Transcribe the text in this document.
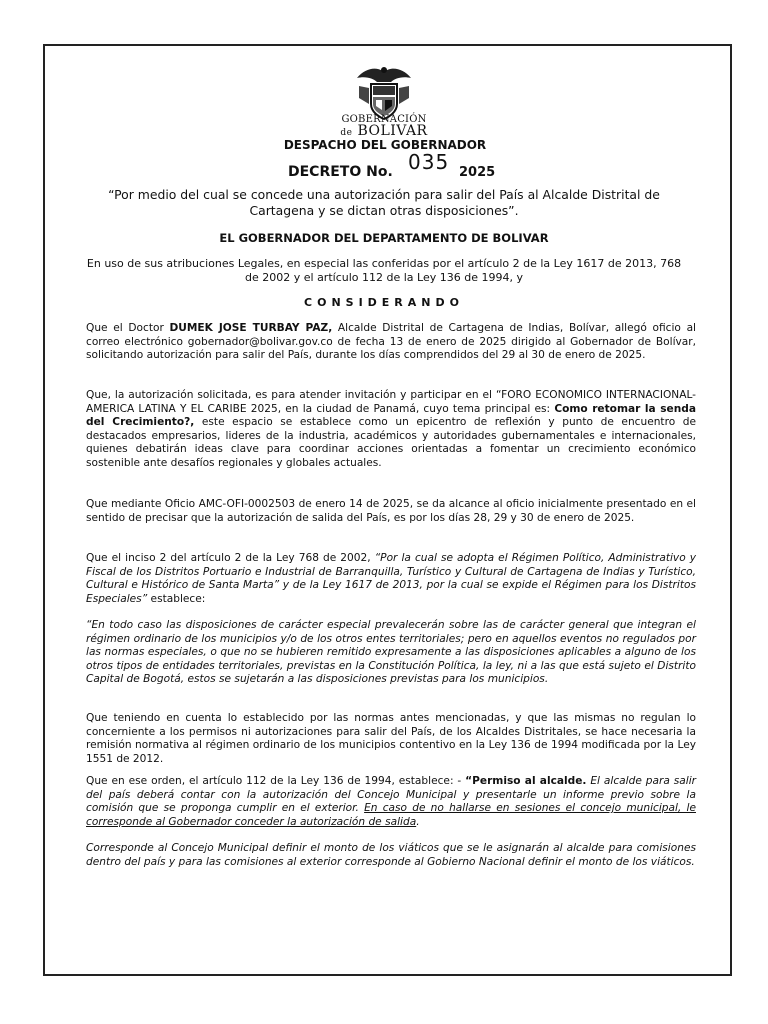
GOBERNACIÓN
de BOLIVAR
DESPACHO DEL GOBERNADOR
DECRETO No. 035 2025
“Por medio del cual se concede una autorización para salir del País al Alcalde Distrital de Cartagena y se dictan otras disposiciones”.
EL GOBERNADOR DEL DEPARTAMENTO DE BOLIVAR
En uso de sus atribuciones Legales, en especial las conferidas por el artículo 2 de la Ley 1617 de 2013, 768 de 2002 y el artículo 112 de la Ley 136 de 1994, y
CONSIDERANDO
Que el Doctor DUMEK JOSE TURBAY PAZ, Alcalde Distrital de Cartagena de Indias, Bolívar, allegó oficio al correo electrónico gobernador@bolivar.gov.co de fecha 13 de enero de 2025 dirigido al Gobernador de Bolívar, solicitando autorización para salir del País, durante los días comprendidos del 29 al 30 de enero de 2025.
Que, la autorización solicitada, es para atender invitación y participar en el “FORO ECONOMICO INTERNACIONAL-AMERICA LATINA Y EL CARIBE 2025, en la ciudad de Panamá, cuyo tema principal es: Como retomar la senda del Crecimiento?, este espacio se establece como un epicentro de reflexión y punto de encuentro de destacados empresarios, lideres de la industria, académicos y autoridades gubernamentales e internacionales, quienes debatirán ideas clave para coordinar acciones orientadas a fomentar un crecimiento económico sostenible ante desafíos regionales y globales actuales.
Que mediante Oficio AMC-OFI-0002503 de enero 14 de 2025, se da alcance al oficio inicialmente presentado en el sentido de precisar que la autorización de salida del País, es por los días 28, 29 y 30 de enero de 2025.
Que el inciso 2 del artículo 2 de la Ley 768 de 2002, “Por la cual se adopta el Régimen Político, Administrativo y Fiscal de los Distritos Portuario e Industrial de Barranquilla, Turístico y Cultural de Cartagena de Indias y Turístico, Cultural e Histórico de Santa Marta” y de la Ley 1617 de 2013, por la cual se expide el Régimen para los Distritos Especiales” establece:
“En todo caso las disposiciones de carácter especial prevalecerán sobre las de carácter general que integran el régimen ordinario de los municipios y/o de los otros entes territoriales; pero en aquellos eventos no regulados por las normas especiales, o que no se hubieren remitido expresamente a las disposiciones aplicables a alguno de los otros tipos de entidades territoriales, previstas en la Constitución Política, la ley, ni a las que está sujeto el Distrito Capital de Bogotá, estos se sujetarán a las disposiciones previstas para los municipios.
Que teniendo en cuenta lo establecido por las normas antes mencionadas, y que las mismas no regulan lo concerniente a los permisos ni autorizaciones para salir del País, de los Alcaldes Distritales, se hace necesaria la remisión normativa al régimen ordinario de los municipios contentivo en la Ley 136 de 1994 modificada por la Ley 1551 de 2012.
Que en ese orden, el artículo 112 de la Ley 136 de 1994, establece: - “Permiso al alcalde. El alcalde para salir del país deberá contar con la autorización del Concejo Municipal y presentarle un informe previo sobre la comisión que se proponga cumplir en el exterior. En caso de no hallarse en sesiones el concejo municipal, le corresponde al Gobernador conceder la autorización de salida.
Corresponde al Concejo Municipal definir el monto de los viáticos que se le asignarán al alcalde para comisiones dentro del país y para las comisiones al exterior corresponde al Gobierno Nacional definir el monto de los viáticos.
